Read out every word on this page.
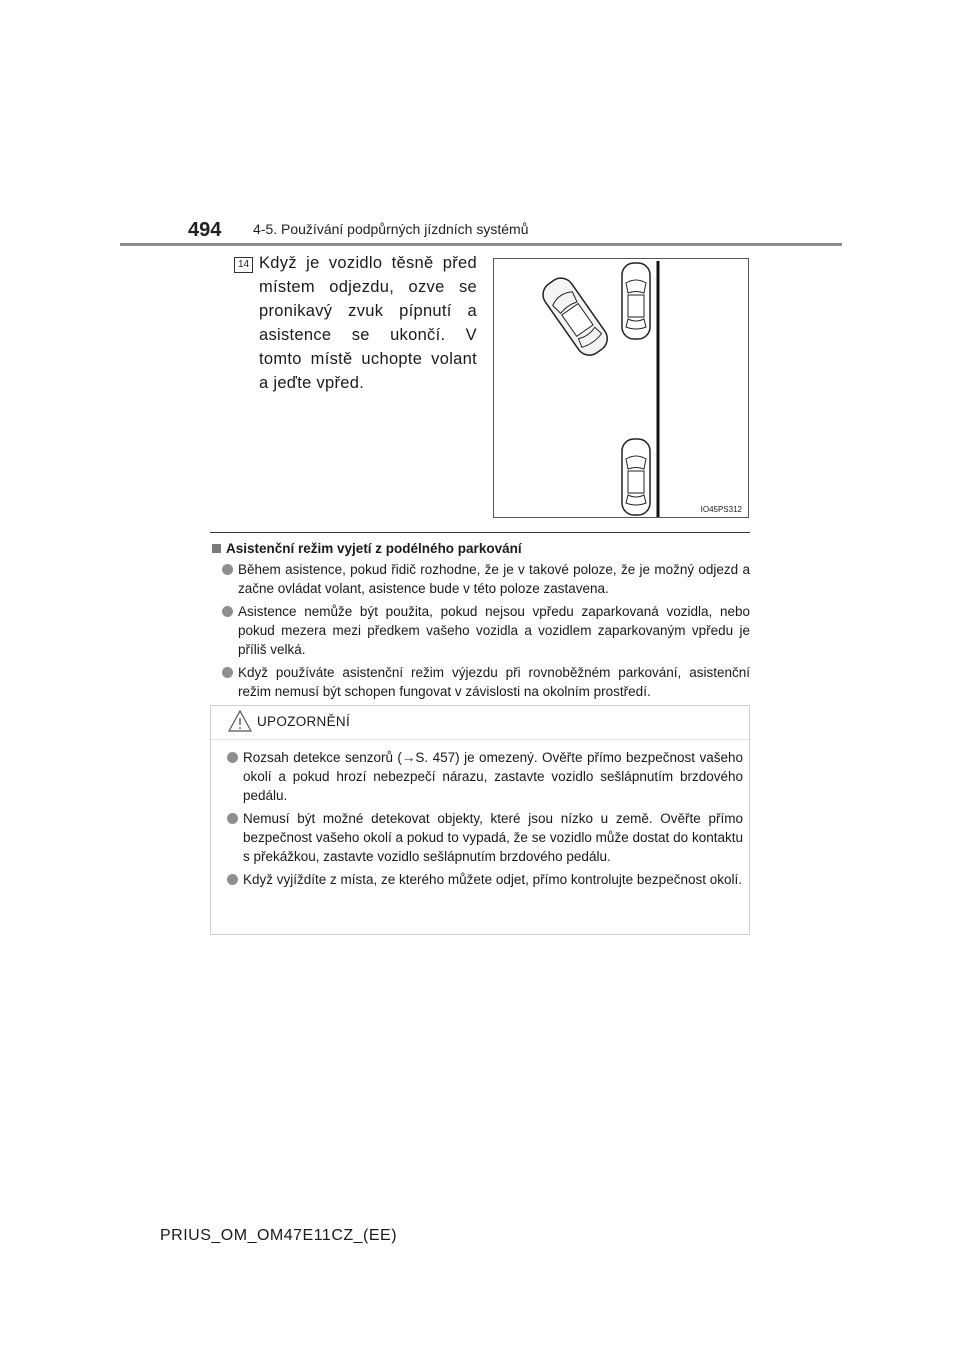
494 4-5. Používání podpůrných jízdních systémů
14 Když je vozidlo těsně před místem odjezdu, ozve se pronikavý zvuk pípnutí a asistence se ukončí. V tomto místě uchopte volant a jeďte vpřed.
IO45PS312
Asistenční režim vyjetí z podélného parkování
Během asistence, pokud řidič rozhodne, že je v takové poloze, že je možný odjezd a začne ovládat volant, asistence bude v této poloze zastavena.
Asistence nemůže být použita, pokud nejsou vpředu zaparkovaná vozidla, nebo pokud mezera mezi předkem vašeho vozidla a vozidlem zaparkovaným vpředu je příliš velká.
Když používáte asistenční režim výjezdu při rovnoběžném parkování, asistenční režim nemusí být schopen fungovat v závislosti na okolním prostředí.
UPOZORNĚNÍ
Rozsah detekce senzorů (→S. 457) je omezený. Ověřte přímo bezpečnost vašeho okolí a pokud hrozí nebezpečí nárazu, zastavte vozidlo sešlápnutím brzdového pedálu.
Nemusí být možné detekovat objekty, které jsou nízko u země. Ověřte přímo bezpečnost vašeho okolí a pokud to vypadá, že se vozidlo může dostat do kontaktu s překážkou, zastavte vozidlo sešlápnutím brzdového pedálu.
Když vyjíždíte z místa, ze kterého můžete odjet, přímo kontrolujte bezpečnost okolí.
PRIUS_OM_OM47E11CZ_(EE)
